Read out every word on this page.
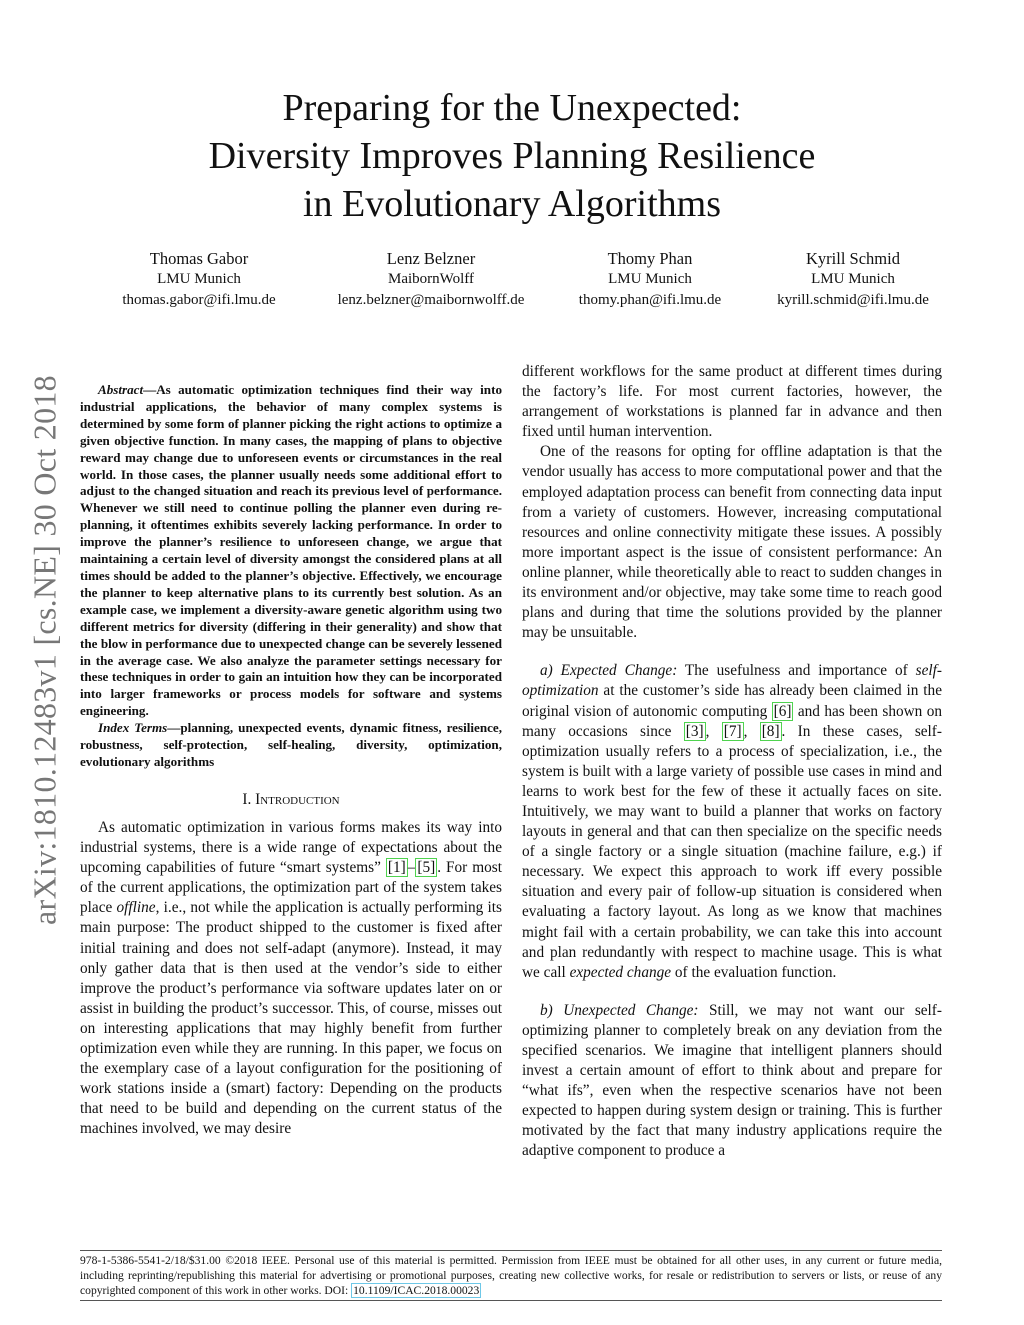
arXiv:1810.12483v1 [cs.NE] 30 Oct 2018
Preparing for the Unexpected:
Diversity Improves Planning Resilience
in Evolutionary Algorithms
Thomas Gabor
LMU Munich
thomas.gabor@ifi.lmu.de
Lenz Belzner
MaibornWolff
lenz.belzner@maibornwolff.de
Thomy Phan
LMU Munich
thomy.phan@ifi.lmu.de
Kyrill Schmid
LMU Munich
kyrill.schmid@ifi.lmu.de

Abstract—As automatic optimization techniques find their way into industrial applications, the behavior of many complex systems is determined by some form of planner picking the right actions to optimize a given objective function. In many cases, the mapping of plans to objective reward may change due to unforeseen events or circumstances in the real world. In those cases, the planner usually needs some additional effort to adjust to the changed situation and reach its previous level of performance. Whenever we still need to continue polling the planner even during re-planning, it oftentimes exhibits severely lacking performance. In order to improve the planner’s resilience to unforeseen change, we argue that maintaining a certain level of diversity amongst the considered plans at all times should be added to the planner’s objective. Effectively, we encourage the planner to keep alternative plans to its currently best solution. As an example case, we implement a diversity-aware genetic algorithm using two different metrics for diversity (differing in their generality) and show that the blow in performance due to unexpected change can be severely lessened in the average case. We also analyze the parameter settings necessary for these techniques in order to gain an intuition how they can be incorporated into larger frameworks or process models for software and systems engineering.

Index Terms—planning, unexpected events, dynamic fitness, resilience, robustness, self-protection, self-healing, diversity, optimization, evolutionary algorithms

I. Introduction

As automatic optimization in various forms makes its way into industrial systems, there is a wide range of expectations about the upcoming capabilities of future “smart systems” [1] – [5] . For most of the current applications, the optimization part of the system takes place offline, i.e., not while the application is actually performing its main purpose: The product shipped to the customer is fixed after initial training and does not self-adapt (anymore). Instead, it may only gather data that is then used at the vendor’s side to either improve the product’s performance via software updates later on or assist in building the product’s successor. This, of course, misses out on interesting applications that may highly benefit from further optimization even while they are running. In this paper, we focus on the exemplary case of a layout configuration for the positioning of work stations inside a (smart) factory: Depending on the products that need to be build and depending on the current status of the machines involved, we may desire

different workflows for the same product at different times during the factory’s life. For most current factories, however, the arrangement of workstations is planned far in advance and then fixed until human intervention.

One of the reasons for opting for offline adaptation is that the vendor usually has access to more computational power and that the employed adaptation process can benefit from connecting data input from a variety of customers. However, increasing computational resources and online connectivity mitigate these issues. A possibly more important aspect is the issue of consistent performance: An online planner, while theoretically able to react to sudden changes in its environment and/or objective, may take some time to reach good plans and during that time the solutions provided by the planner may be unsuitable.

a) Expected Change: The usefulness and importance of self-optimization at the customer’s side has already been claimed in the original vision of autonomic computing [6] and has been shown on many occasions since [3] , [7] , [8] . In these cases, self-optimization usually refers to a process of specialization, i.e., the system is built with a large variety of possible use cases in mind and learns to work best for the few of these it actually faces on site. Intuitively, we may want to build a planner that works on factory layouts in general and that can then specialize on the specific needs of a single factory or a single situation (machine failure, e.g.) if necessary. We expect this approach to work iff every possible situation and every pair of follow-up situation is considered when evaluating a factory layout. As long as we know that machines might fail with a certain probability, we can take this into account and plan redundantly with respect to machine usage. This is what we call expected change of the evaluation function.

b) Unexpected Change: Still, we may not want our self-optimizing planner to completely break on any deviation from the specified scenarios. We imagine that intelligent planners should invest a certain amount of effort to think about and prepare for “what ifs”, even when the respective scenarios have not been expected to happen during system design or training. This is further motivated by the fact that many industry applications require the adaptive component to produce a

978-1-5386-5541-2/18/$31.00 ©2018 IEEE. Personal use of this material is permitted. Permission from IEEE must be obtained for all other uses, in any current or future media, including reprinting/republishing this material for advertising or promotional purposes, creating new collective works, for resale or redistribution to servers or lists, or reuse of any copyrighted component of this work in other works. DOI: 10.1109/ICAC.2018.00023
